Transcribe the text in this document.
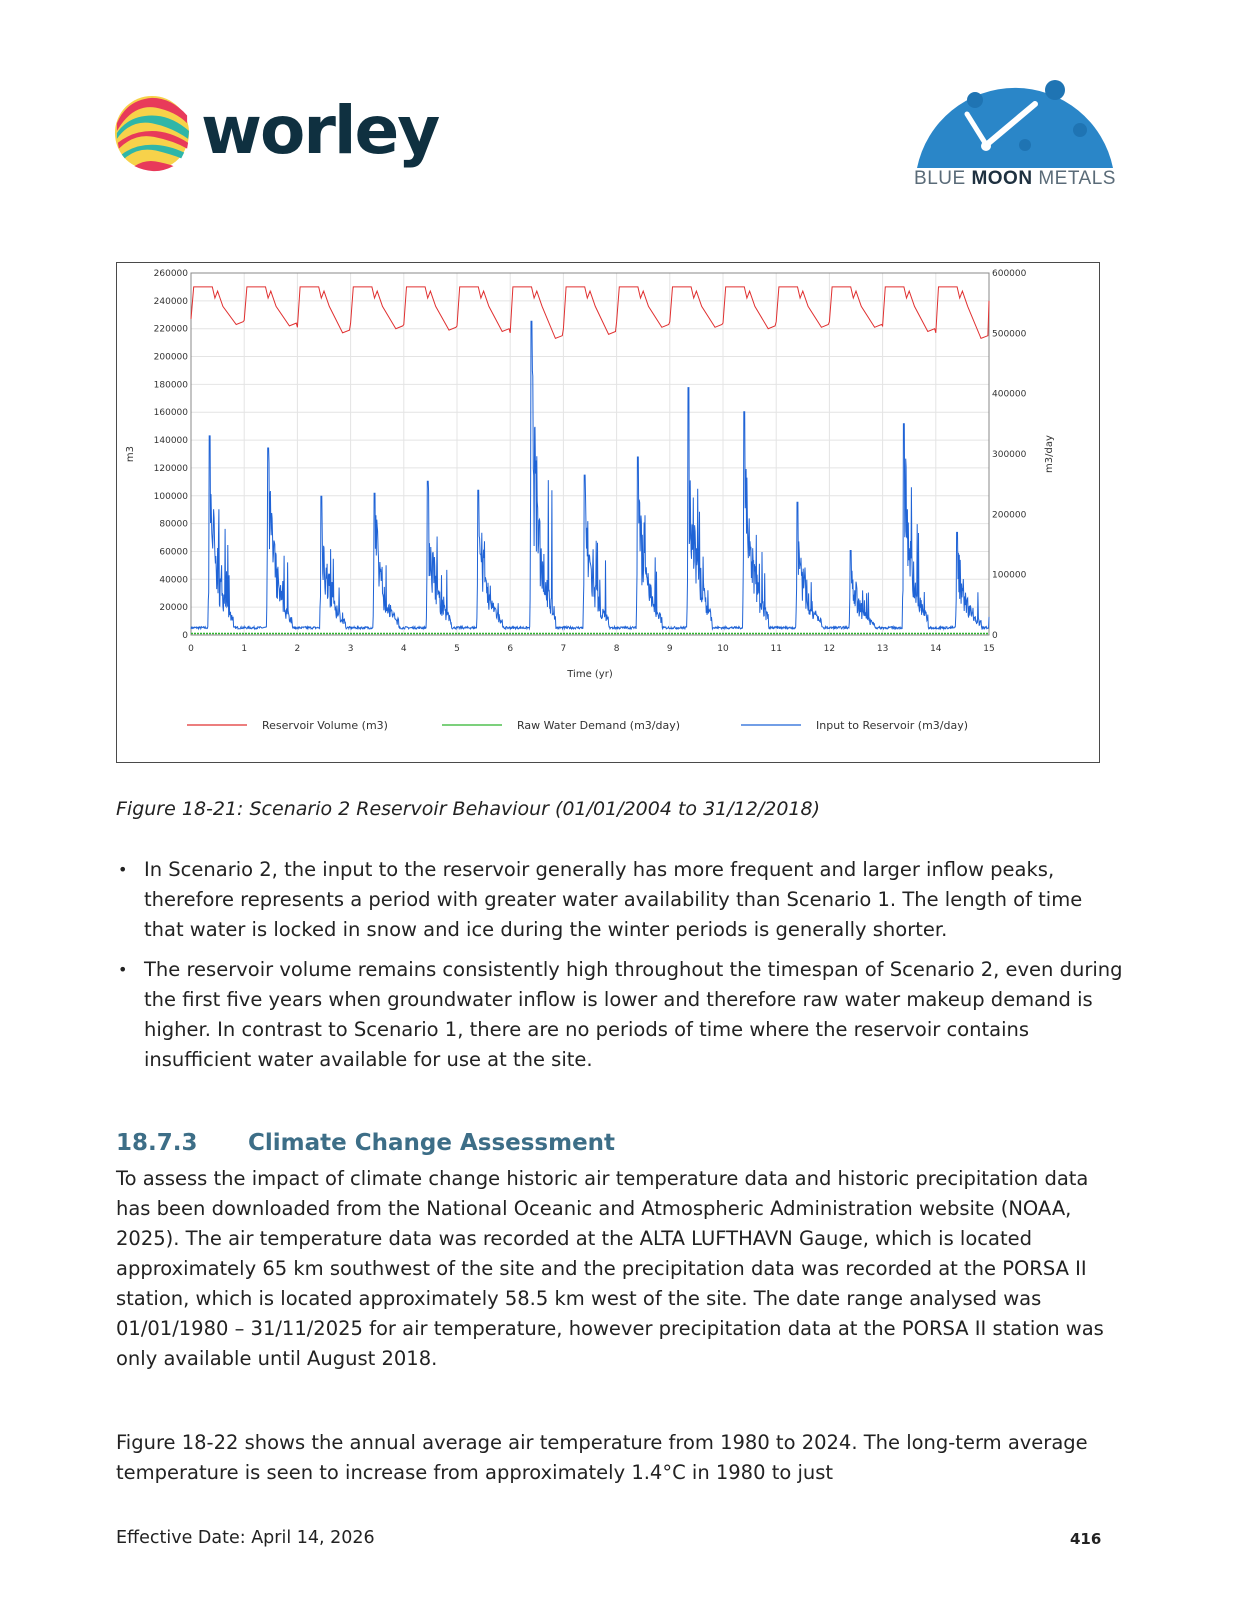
worley
BLUE MOON METALS
0	1	2	3	4	5	6	7	8	9	10	11	12	13	14	15
0
20000
40000
60000
80000
100000
120000
140000
160000
180000
200000
220000
240000
260000
0
100000
200000
300000
400000
500000
600000
Time (yr)
m3	m3/day
Reservoir Volume (m3)	Raw Water Demand (m3/day)	Input to Reservoir (m3/day)
Figure 18-21: Scenario 2 Reservoir Behaviour (01/01/2004 to 31/12/2018)
• In Scenario 2, the input to the reservoir generally has more frequent and larger inflow peaks, therefore represents a period with greater water availability than Scenario 1. The length of time that water is locked in snow and ice during the winter periods is generally shorter.
• The reservoir volume remains consistently high throughout the timespan of Scenario 2, even during the first five years when groundwater inflow is lower and therefore raw water makeup demand is higher. In contrast to Scenario 1, there are no periods of time where the reservoir contains insufficient water available for use at the site.
18.7.3 Climate Change Assessment

To assess the impact of climate change historic air temperature data and historic precipitation data has been downloaded from the National Oceanic and Atmospheric Administration website (NOAA, 2025). The air temperature data was recorded at the ALTA LUFTHAVN Gauge, which is located approximately 65 km southwest of the site and the precipitation data was recorded at the PORSA II station, which is located approximately 58.5 km west of the site. The date range analysed was 01/01/1980 – 31/11/2025 for air temperature, however precipitation data at the PORSA II station was only available until August 2018.

Figure 18-22 shows the annual average air temperature from 1980 to 2024. The long-term average temperature is seen to increase from approximately 1.4°C in 1980 to just

Effective Date: April 14, 2026	416
